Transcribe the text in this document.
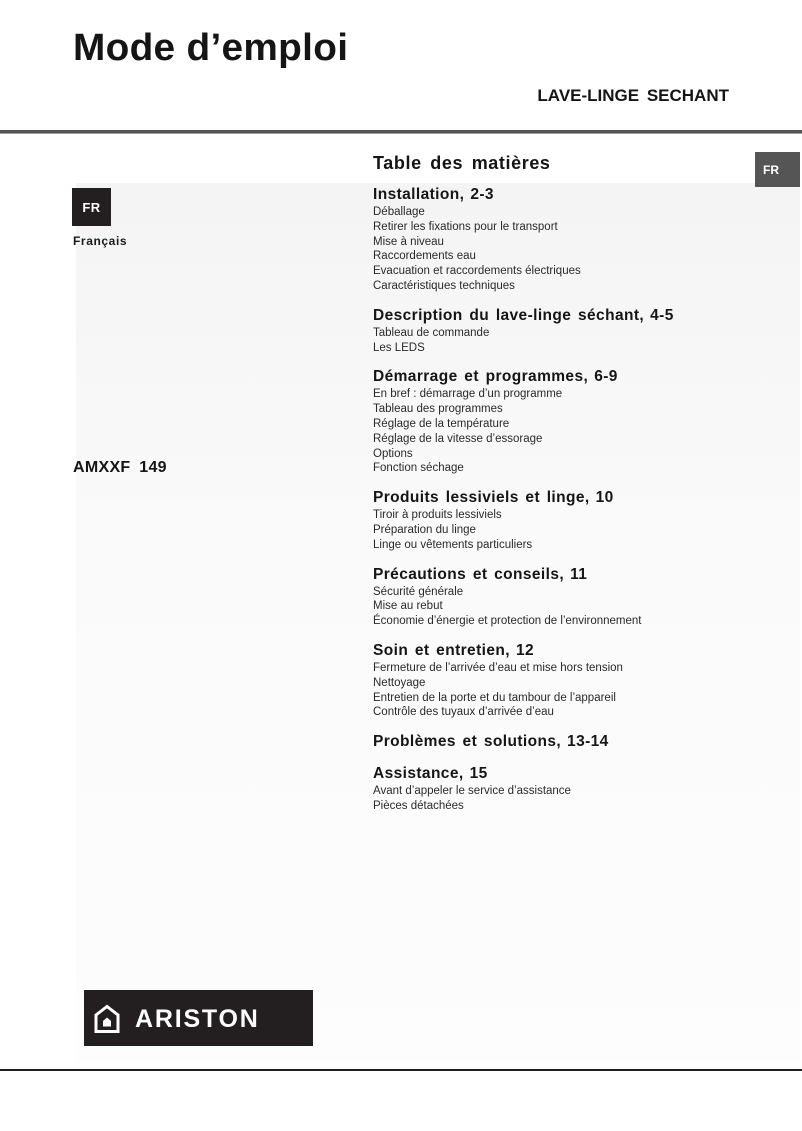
Mode d’emploi
LAVE-LINGE SECHANT
FR
FR
Français
AMXXF 149
Table des matières
Installation, 2-3
Déballage
Retirer les fixations pour le transport
Mise à niveau
Raccordements eau
Evacuation et raccordements électriques
Caractéristiques techniques
Description du lave-linge séchant, 4-5
Tableau de commande
Les LEDS
Démarrage et programmes, 6-9
En bref : démarrage d’un programme
Tableau des programmes
Réglage de la température
Réglage de la vitesse d’essorage
Options
Fonction séchage
Produits lessiviels et linge, 10
Tiroir à produits lessiviels
Préparation du linge
Linge ou vêtements particuliers
Précautions et conseils, 11
Sécurité générale
Mise au rebut
Économie d’énergie et protection de l’environnement
Soin et entretien, 12
Fermeture de l’arrivée d’eau et mise hors tension
Nettoyage
Entretien de la porte et du tambour de l’appareil
Contrôle des tuyaux d’arrivée d’eau
Problèmes et solutions, 13-14
Assistance, 15
Avant d’appeler le service d’assistance
Pièces détachées
ARISTON
